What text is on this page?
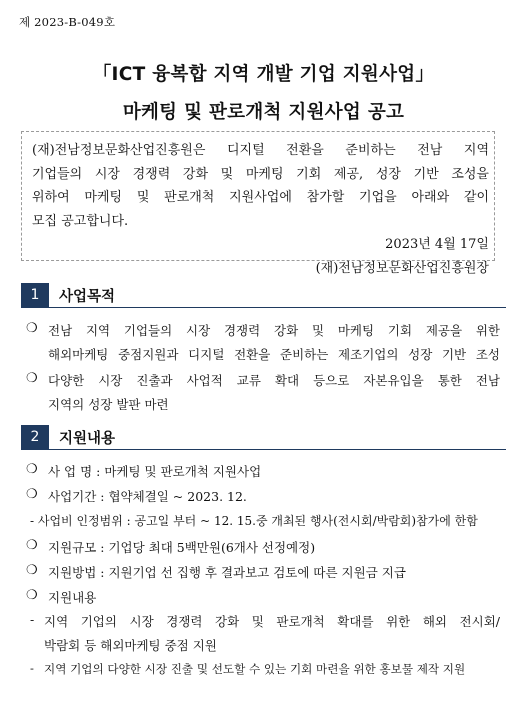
제 2023-B-049호
「ICT 융복합 지역 개발 기업 지원사업」
마케팅 및 판로개척 지원사업 공고
(재)전남정보문화산업진흥원은 디지털 전환을 준비하는 전남 지역
기업들의 시장 경쟁력 강화 및 마케팅 기회 제공, 성장 기반 조성을
위하여 마케팅 및 판로개척 지원사업에 참가할 기업을 아래와 같이
모집 공고합니다.
2023년 4월 17일
(재)전남정보문화산업진흥원장
1	사업목적
❍ 전남 지역 기업들의 시장 경쟁력 강화 및 마케팅 기회 제공을 위한
해외마케팅 중점지원과 디지털 전환을 준비하는 제조기업의 성장 기반 조성
❍ 다양한 시장 진출과 사업적 교류 확대 등으로 자본유입을 통한 전남
지역의 성장 발판 마련
2	지원내용
❍ 사 업 명 : 마케팅 및 판로개척 지원사업
❍ 사업기간 : 협약체결일 ~ 2023. 12.
- 사업비 인정범위 : 공고일 부터 ~ 12. 15.중 개최된 행사(전시회/박람회)참가에 한함
❍ 지원규모 : 기업당 최대 5백만원(6개사 선정예정)
❍ 지원방법 : 지원기업 선 집행 후 결과보고 검토에 따른 지원금 지급
❍ 지원내용
- 지역 기업의 시장 경쟁력 강화 및 판로개척 확대를 위한 해외 전시회/
박람회 등 해외마케팅 중점 지원
- 지역 기업의 다양한 시장 진출 및 선도할 수 있는 기회 마련을 위한 홍보물 제작 지원
